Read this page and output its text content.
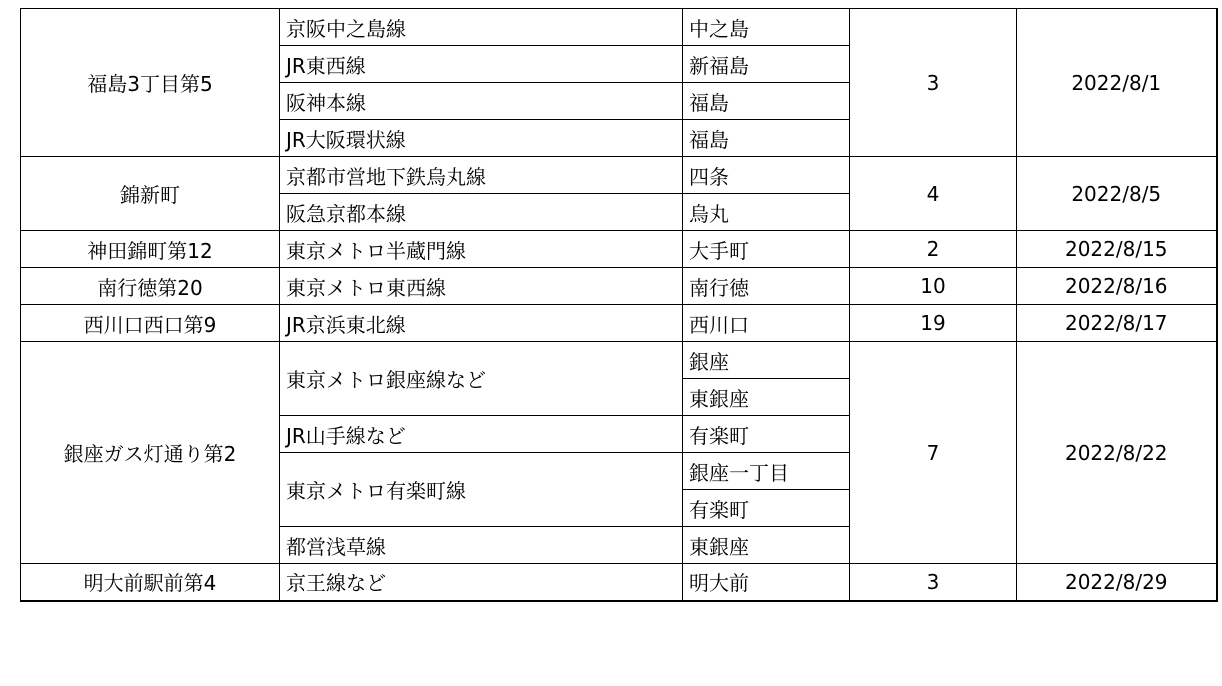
福島3丁目第5	京阪中之島線	中之島	3	2022/8/1
	JR東西線	新福島		
	阪神本線	福島		
	JR大阪環状線	福島		
錦新町	京都市営地下鉄烏丸線	四条	4	2022/8/5
	阪急京都本線	烏丸		
神田錦町第12	東京メトロ半蔵門線	大手町	2	2022/8/15
南行徳第20	東京メトロ東西線	南行徳	10	2022/8/16
西川口西口第9	JR京浜東北線	西川口	19	2022/8/17
銀座ガス灯通り第2	東京メトロ銀座線など	銀座	7	2022/8/22
		東銀座		
	JR山手線など	有楽町		
	東京メトロ有楽町線	銀座一丁目		
		有楽町		
	都営浅草線	東銀座		
明大前駅前第4	京王線など	明大前	3	2022/8/29
